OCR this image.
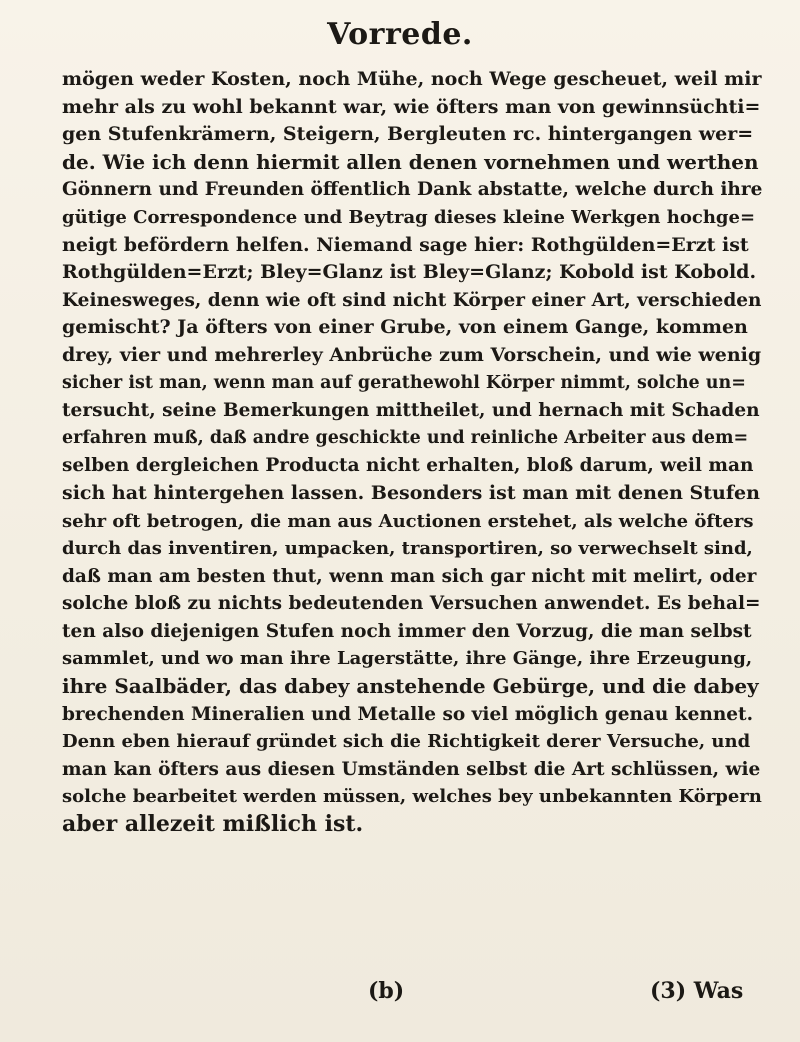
Vorrede.
mögen weder Kosten, noch Mühe, noch Wege gescheuet, weil mir
mehr als zu wohl bekannt war, wie öfters man von gewinnsüchti=
gen Stufenkrämern, Steigern, Bergleuten rc. hintergangen wer=
de. Wie ich denn hiermit allen denen vornehmen und werthen
Gönnern und Freunden öffentlich Dank abstatte, welche durch ihre
gütige Correspondence und Beytrag dieses kleine Werkgen hochge=
neigt befördern helfen. Niemand sage hier: Rothgülden=Erzt ist
Rothgülden=Erzt; Bley=Glanz ist Bley=Glanz; Kobold ist Kobold.
Keinesweges, denn wie oft sind nicht Körper einer Art, verschieden
gemischt? Ja öfters von einer Grube, von einem Gange, kommen
drey, vier und mehrerley Anbrüche zum Vorschein, und wie wenig
sicher ist man, wenn man auf gerathewohl Körper nimmt, solche un=
tersucht, seine Bemerkungen mittheilet, und hernach mit Schaden
erfahren muß, daß andre geschickte und reinliche Arbeiter aus dem=
selben dergleichen Producta nicht erhalten, bloß darum, weil man
sich hat hintergehen lassen. Besonders ist man mit denen Stufen
sehr oft betrogen, die man aus Auctionen erstehet, als welche öfters
durch das inventiren, umpacken, transportiren, so verwechselt sind,
daß man am besten thut, wenn man sich gar nicht mit melirt, oder
solche bloß zu nichts bedeutenden Versuchen anwendet. Es behal=
ten also diejenigen Stufen noch immer den Vorzug, die man selbst
sammlet, und wo man ihre Lagerstätte, ihre Gänge, ihre Erzeugung,
ihre Saalbäder, das dabey anstehende Gebürge, und die dabey
brechenden Mineralien und Metalle so viel möglich genau kennet.
Denn eben hierauf gründet sich die Richtigkeit derer Versuche, und
man kan öfters aus diesen Umständen selbst die Art schlüssen, wie
solche bearbeitet werden müssen, welches bey unbekannten Körpern
aber allezeit mißlich ist.
(b)	(3) Was
